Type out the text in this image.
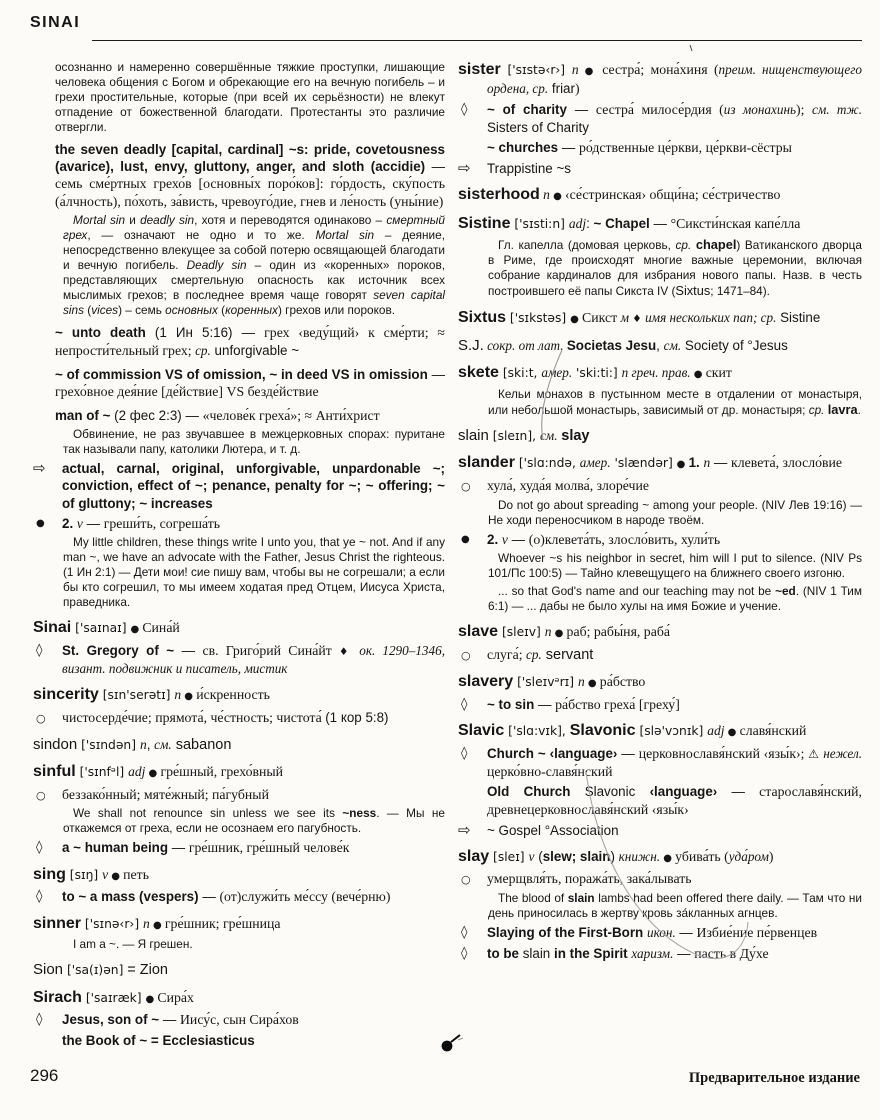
SINAI
осознанно и намеренно совершённые тяжкие проступки, лишающие человека общения с Богом и обрекающие его на вечную погибель – и грехи простительные, которые (при всей их серьёзности) не влекут отпадение от божественной благодати. Протестанты это различие отвергли.
the seven deadly [capital, cardinal] ~s: pride, covetousness (avarice), lust, envy, gluttony, anger, and sloth (accidie) — семь сме́ртных грехо́в [основны́х поро́ков]: го́рдость, ску́пость (а́лчность), по́хоть, за́висть, чревоуго́дие, гнев и ле́ность (уны́ние)
Mortal sin и deadly sin, хотя и переводятся одинаково – смертный грех, — означают не одно и то же. Mortal sin – деяние, непосредственно влекущее за собой потерю освящающей благодати и вечную погибель. Deadly sin – один из «коренных» пороков, представляющих смертельную опасность как источник всех мыслимых грехов; в последнее время чаще говорят seven capital sins (vices) – семь основных (коренных) грехов или пороков.
~ unto death (1 Ин 5:16) — грех ‹веду́щий› к сме́рти; ≈ непрости́тельный грех; ср. unforgivable ~
~ of commission VS of omission, ~ in deed VS in omission — грехо́вное дея́ние [де́йствие] VS безде́йствие
man of ~ (2 фес 2:3) — «челове́к греха́»; ≈ Анти́христ
Обвинение, не раз звучавшее в межцерковных спорах: пуритане так называли папу, католики Лютера, и т. д.
⇨ actual, carnal, original, unforgivable, unpardonable ~; conviction, effect of ~; penance, penalty for ~; ~ offering; ~ of gluttony; ~ increases
● 2. v — греши́ть, согреша́ть
My little children, these things write I unto you, that ye ~ not. And if any man ~, we have an advocate with the Father, Jesus Christ the righteous. (1 Ин 2:1) — Дети мои! сие пишу вам, чтобы вы не согрешали; а если бы кто согрешил, то мы имеем ходатая пред Отцем, Иисуса Христа, праведника.
Sinai ['saɪnaɪ] ● Сина́й
◊ St. Gregory of ~ — св. Григо́рий Сина́йт ♦ ок. 1290–1346, визант. подвижник и писатель, мистик
sincerity [sɪn'serətɪ] n ● и́скренность
○ чистосерде́чие; прямота́, че́стность; чистота́ (1 кор 5:8)
sindon ['sɪndən] n, см. sabanon
sinful ['sɪnfᵊl] adj ● гре́шный, грехо́вный
○ беззако́нный; мяте́жный; па́губный
We shall not renounce sin unless we see its ~ness. — Мы не откажемся от греха, если не осознаем его пагубность.
◊ a ~ human being — гре́шник, гре́шный челове́к
sing [sɪŋ] v ● петь
◊ to ~ a mass (vespers) — (от)служи́ть ме́ссу (вече́рню)
sinner ['sɪnə‹r›] n ● гре́шник; гре́шница
I am a ~. — Я грешен.
Sion ['sa(ɪ)ən] = Zion
Sirach ['saɪræk] ● Сира́х
◊ Jesus, son of ~ — Иису́с, сын Сира́хов
the Book of ~ = Ecclesiasticus
sister ['sɪstə‹r›] n ● сестра́; мона́хиня (преим. нищенствующего ордена, ср. friar)
◊ ~ of charity — сестра́ милосе́рдия (из монахинь); см. тж. Sisters of Charity
~ churches — ро́дственные це́ркви, це́ркви-сёстры
⇨ Trappistine ~s
sisterhood n ● ‹се́стринская› общи́на; се́стричество
Sistine ['sɪsti:n] adj: ~ Chapel — °Сиксти́нская капе́лла
Гл. капелла (домовая церковь, ср. chapel) Ватиканского дворца в Риме, где происходят многие важные церемонии, включая собрание кардиналов для избрания нового папы. Назв. в честь построившего её папы Сикста IV (Sixtus; 1471–84).
Sixtus ['sɪkstəs] ● Сикст м ♦ имя нескольких пап; ср. Sistine
S.J. сокр. от лат. Societas Jesu, см. Society of °Jesus
skete [ski:t, амер. 'ski:ti:] n греч. прав. ● скит
Кельи монахов в пустынном месте в отдалении от монастыря, или небольшой монастырь, зависимый от др. монастыря; ср. lavra.
slain [sleɪn], см. slay
slander ['slɑ:ndə, амер. 'slændər] ● 1. n — клевета́, злосло́вие
○ хула́, худа́я молва́, злоре́чие
Do not go about spreading ~ among your people. (NIV Лев 19:16) — Не ходи переносчиком в народе твоём.
● 2. v — (о)клевета́ть, злосло́вить, хули́ть
Whoever ~s his neighbor in secret, him will I put to silence. (NIV Ps 101/Пс 100:5) — Тайно клевещущего на ближнего своего изгоню.
... so that God's name and our teaching may not be ~ed. (NIV 1 Тим 6:1) — ... дабы не было хулы на имя Божие и учение.
slave [sleɪv] n ● раб; рабы́ня, раба́
○ слуга́; ср. servant
slavery ['sleɪvᵊrɪ] n ● ра́бство
◊ ~ to sin — ра́бство греха́ [греху́]
Slavic ['slɑ:vɪk], Slavonic [slə'vɔnɪk] adj ● славя́нский
◊ Church ~ ‹language› — церковнославя́нский ‹язы́к›; ⚠ нежел. церко́вно-славя́нский
Old Church Slavonic ‹language› — старославя́нский, древнецерковнославя́нский ‹язы́к›
⇨ ~ Gospel °Association
slay [sleɪ] v (slew; slain) книжн. ● убива́ть (уда́ром)
○ умерщвля́ть, поража́ть, зака́лывать
The blood of slain lambs had been offered there daily. — Там что ни день приносилась в жертву кровь за́кланных агнцев.
◊ Slaying of the First-Born икон. — Избие́ние пе́рвенцев
◊ to be slain in the Spirit харизм. — пасть в Ду́хе
296	Предварительное издание
